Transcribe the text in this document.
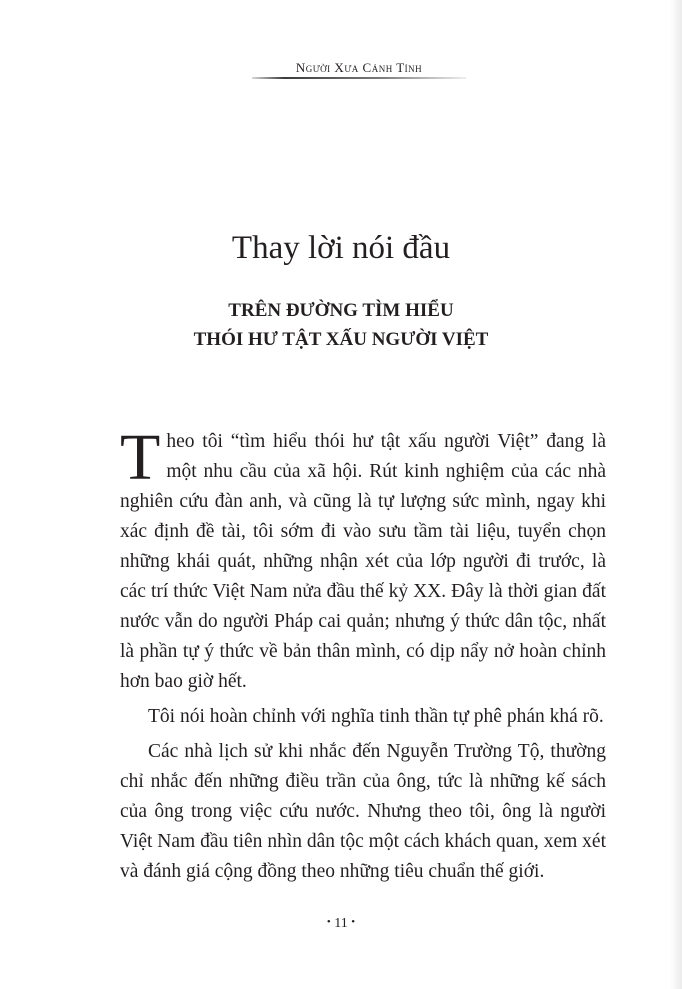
Người Xưa Cảnh Tỉnh
Thay lời nói đầu
TRÊN ĐƯỜNG TÌM HIỂU
THÓI HƯ TẬT XẤU NGƯỜI VIỆT

Theo tôi “tìm hiểu thói hư tật xấu người Việt” đang là một nhu cầu của xã hội. Rút kinh nghiệm của các nhà nghiên cứu đàn anh, và cũng là tự lượng sức mình, ngay khi xác định đề tài, tôi sớm đi vào sưu tầm tài liệu, tuyển chọn những khái quát, những nhận xét của lớp người đi trước, là các trí thức Việt Nam nửa đầu thế kỷ XX. Đây là thời gian đất nước vẫn do người Pháp cai quản; nhưng ý thức dân tộc, nhất là phần tự ý thức về bản thân mình, có dịp nẩy nở hoàn chỉnh hơn bao giờ hết.

Tôi nói hoàn chỉnh với nghĩa tinh thần tự phê phán khá rõ.

Các nhà lịch sử khi nhắc đến Nguyễn Trường Tộ, thường chỉ nhắc đến những điều trần của ông, tức là những kế sách của ông trong việc cứu nước. Nhưng theo tôi, ông là người Việt Nam đầu tiên nhìn dân tộc một cách khách quan, xem xét và đánh giá cộng đồng theo những tiêu chuẩn thế giới.

• 11 •
